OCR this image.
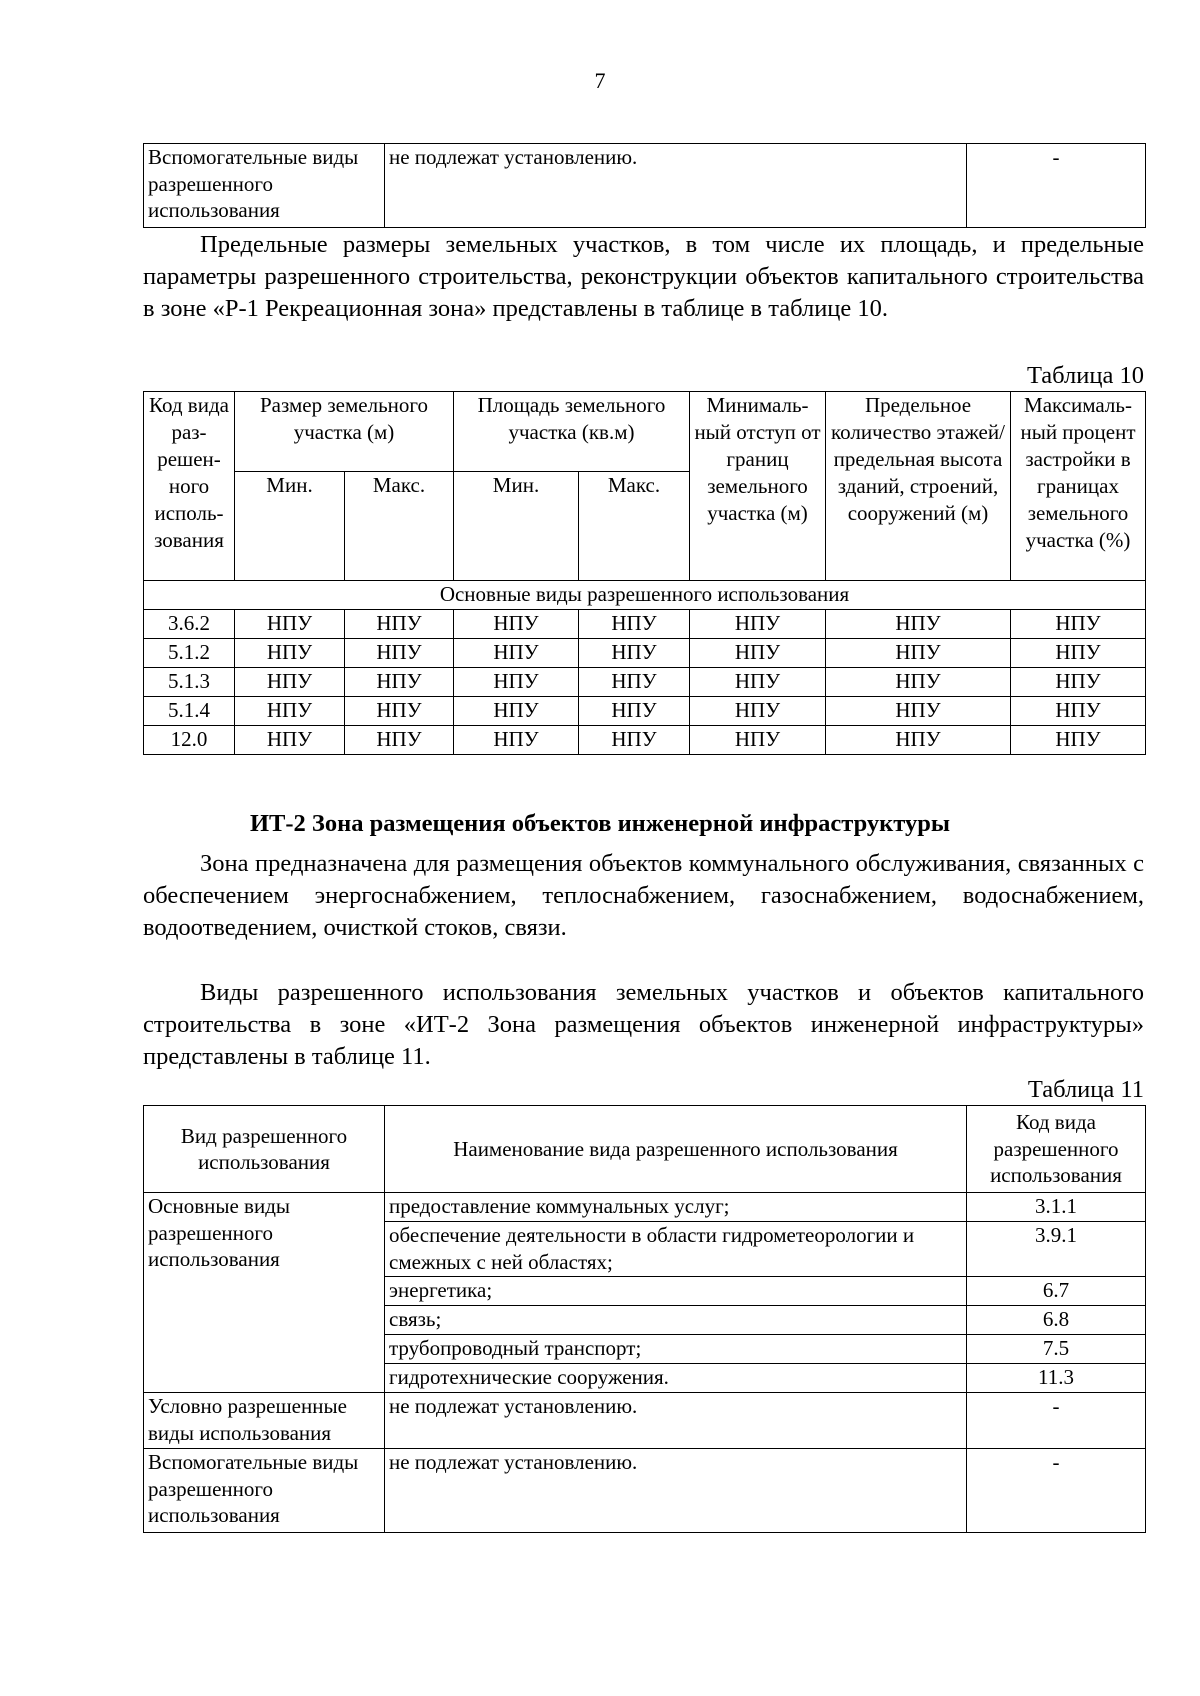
7
Вспомогательные виды разрешенного использования	не подлежат установлению.	-

Предельные размеры земельных участков, в том числе их площадь, и предельные параметры разрешенного строительства, реконструкции объектов капитального строительства в зоне «Р-1 Рекреационная зона» представлены в таблице в таблице 10.

Таблица 10
Код вида раз-решен-ного исполь-зования	Размер земельного участка (м)		Площадь земельного участка (кв.м)		Минималь-ный отступ от границ земельного участка (м)	Предельное количество этажей/ предельная высота зданий, строений, сооружений (м)	Максималь-ный процент застройки в границах земельного участка (%)
	Мин.	Макс.	Мин.	Макс.			
Основные виды разрешенного использования							
3.6.2	НПУ	НПУ	НПУ	НПУ	НПУ	НПУ	НПУ
5.1.2	НПУ	НПУ	НПУ	НПУ	НПУ	НПУ	НПУ
5.1.3	НПУ	НПУ	НПУ	НПУ	НПУ	НПУ	НПУ
5.1.4	НПУ	НПУ	НПУ	НПУ	НПУ	НПУ	НПУ
12.0	НПУ	НПУ	НПУ	НПУ	НПУ	НПУ	НПУ
ИТ-2 Зона размещения объектов инженерной инфраструктуры

Зона предназначена для размещения объектов коммунального обслуживания, связанных с обеспечением энергоснабжением, теплоснабжением, газоснабжением, водоснабжением, водоотведением, очисткой стоков, связи.

Виды разрешенного использования земельных участков и объектов капитального строительства в зоне «ИТ-2 Зона размещения объектов инженерной инфраструктуры» представлены в таблице 11.

Таблица 11
Вид разрешенного использования	Наименование вида разрешенного использования	Код вида разрешенного использования
Основные виды разрешенного использования	предоставление коммунальных услуг;	3.1.1
	обеспечение деятельности в области гидрометеорологии и смежных с ней областях;	3.9.1
	энергетика;	6.7
	связь;	6.8
	трубопроводный транспорт;	7.5
	гидротехнические сооружения.	11.3
Условно разрешенные виды использования	не подлежат установлению.	-
Вспомогательные виды разрешенного использования	не подлежат установлению.	-
